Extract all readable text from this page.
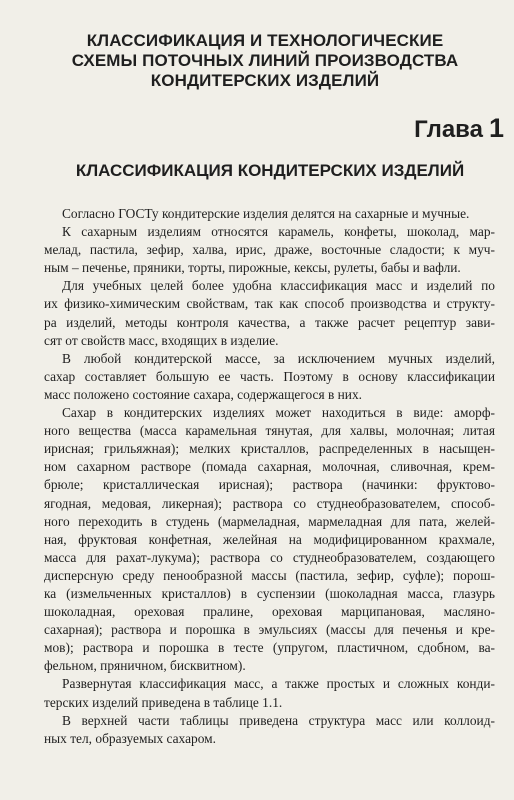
КЛАССИФИКАЦИЯ И ТЕХНОЛОГИЧЕСКИЕ
СХЕМЫ ПОТОЧНЫХ ЛИНИЙ ПРОИЗВОДСТВА
КОНДИТЕРСКИХ ИЗДЕЛИЙ
Глава 1
КЛАССИФИКАЦИЯ КОНДИТЕРСКИХ ИЗДЕЛИЙ
Согласно ГОСТу кондитерские изделия делятся на сахарные и мучные.
К сахарным изделиям относятся карамель, конфеты, шоколад, мар-
мелад, пастила, зефир, халва, ирис, драже, восточные сладости; к муч-
ным – печенье, пряники, торты, пирожные, кексы, рулеты, бабы и вафли.
Для учебных целей более удобна классификация масс и изделий по
их физико-химическим свойствам, так как способ производства и структу-
ра изделий, методы контроля качества, а также расчет рецептур зави-
сят от свойств масс, входящих в изделие.
В любой кондитерской массе, за исключением мучных изделий,
сахар составляет большую ее часть. Поэтому в основу классификации
масс положено состояние сахара, содержащегося в них.
Сахар в кондитерских изделиях может находиться в виде: аморф-
ного вещества (масса карамельная тянутая, для халвы, молочная; литая
ирисная; грильяжная); мелких кристаллов, распределенных в насыщен-
ном сахарном растворе (помада сахарная, молочная, сливочная, крем-
брюле; кристаллическая ирисная); раствора (начинки: фруктово-
ягодная, медовая, ликерная); раствора со студнеобразователем, способ-
ного переходить в студень (мармеладная, мармеладная для пата, желей-
ная, фруктовая конфетная, желейная на модифицированном крахмале,
масса для рахат-лукума); раствора со студнеобразователем, создающего
дисперсную среду пенообразной массы (пастила, зефир, суфле); порош-
ка (измельченных кристаллов) в суспензии (шоколадная масса, глазурь
шоколадная, ореховая пралине, ореховая марципановая, масляно-
сахарная); раствора и порошка в эмульсиях (массы для печенья и кре-
мов); раствора и порошка в тесте (упругом, пластичном, сдобном, ва-
фельном, пряничном, бисквитном).
Развернутая классификация масс, а также простых и сложных конди-
терских изделий приведена в таблице 1.1.
В верхней части таблицы приведена структура масс или коллоид-
ных тел, образуемых сахаром.
